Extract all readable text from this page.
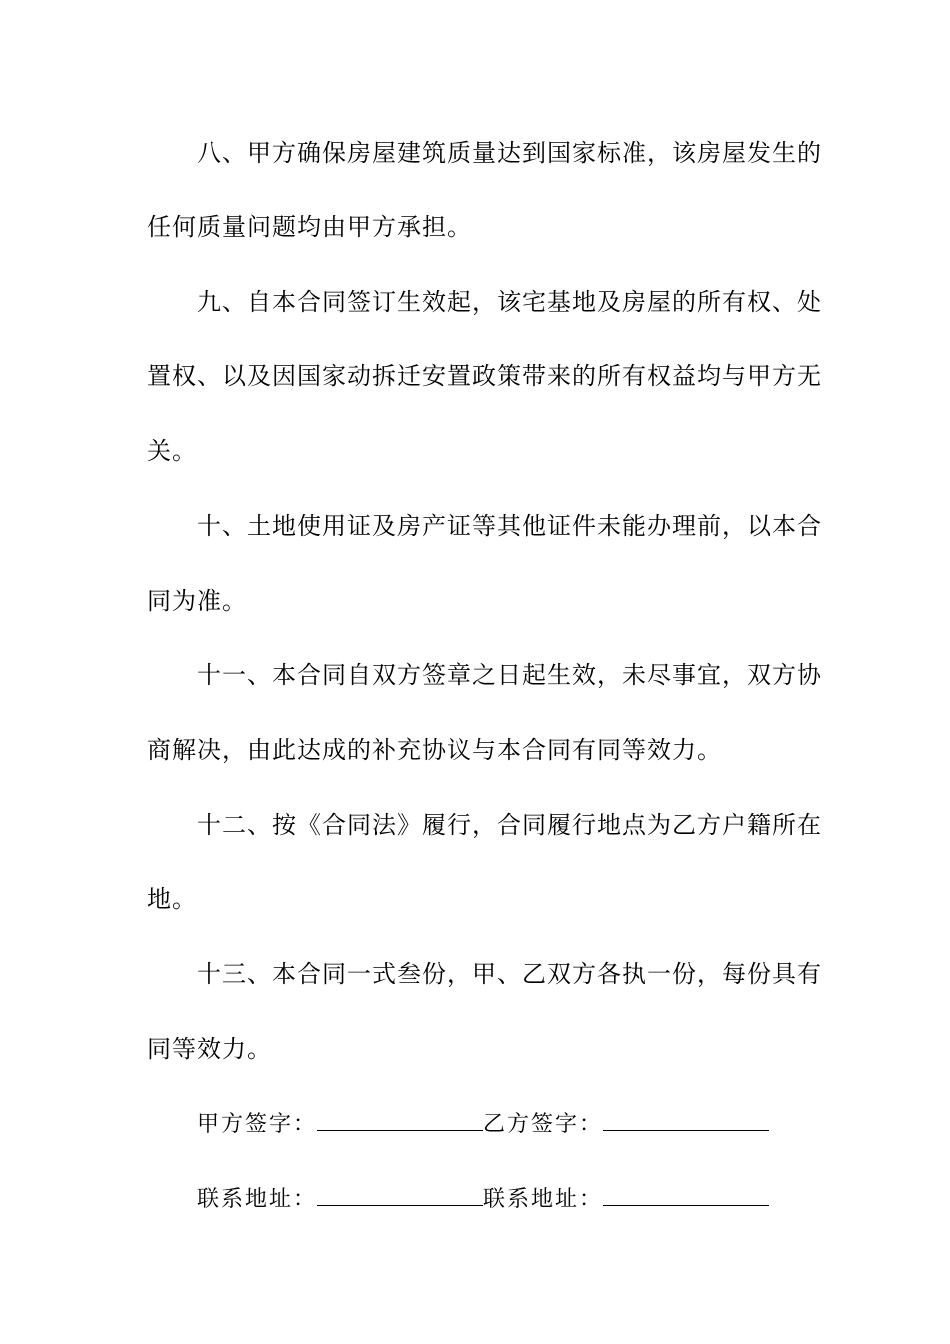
八、甲方确保房屋建筑质量达到国家标准，该房屋发生的
任何质量问题均由甲方承担。
九、自本合同签订生效起，该宅基地及房屋的所有权、处
置权、以及因国家动拆迁安置政策带来的所有权益均与甲方无
关。
十、土地使用证及房产证等其他证件未能办理前，以本合
同为准。
十一、本合同自双方签章之日起生效，未尽事宜，双方协
商解决，由此达成的补充协议与本合同有同等效力。
十二、按《合同法》履行，合同履行地点为乙方户籍所在
地。
十三、本合同一式叁份，甲、乙双方各执一份，每份具有
同等效力。
甲方签字：	乙方签字：
联系地址：	联系地址：
